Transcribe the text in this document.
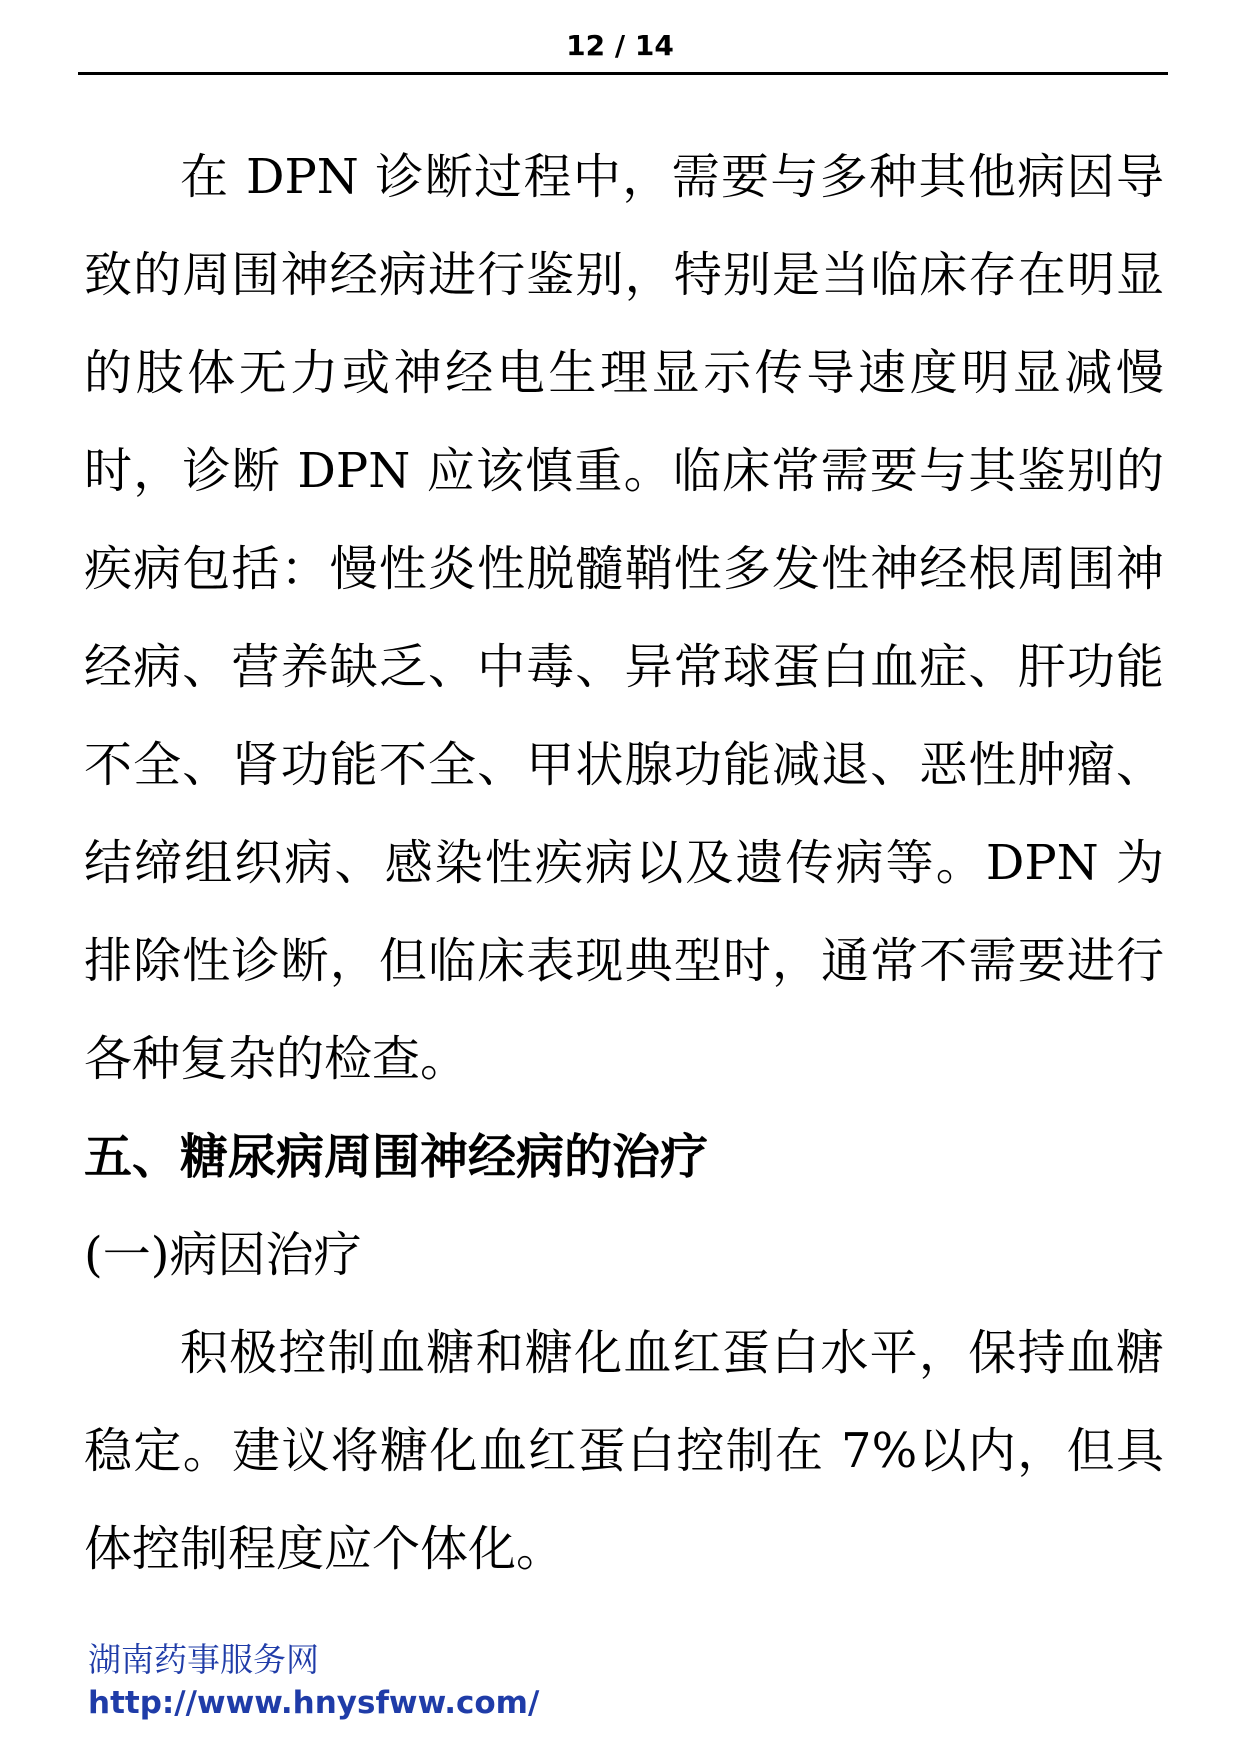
12 / 14

在 DPN 诊断过程中，需要与多种其他病因导致的周围神经病进行鉴别，特别是当临床存在明显的肢体无力或神经电生理显示传导速度明显减慢时，诊断 DPN 应该慎重。临床常需要与其鉴别的疾病包括：慢性炎性脱髓鞘性多发性神经根周围神经病、营养缺乏、中毒、异常球蛋白血症、肝功能不全、肾功能不全、甲状腺功能减退、恶性肿瘤、结缔组织病、感染性疾病以及遗传病等。DPN 为排除性诊断，但临床表现典型时，通常不需要进行各种复杂的检查。

五、糖尿病周围神经病的治疗

(一)病因治疗

积极控制血糖和糖化血红蛋白水平，保持血糖稳定。建议将糖化血红蛋白控制在 7%以内，但具体控制程度应个体化。

湖南药事服务网
http://www.hnysfww.com/
